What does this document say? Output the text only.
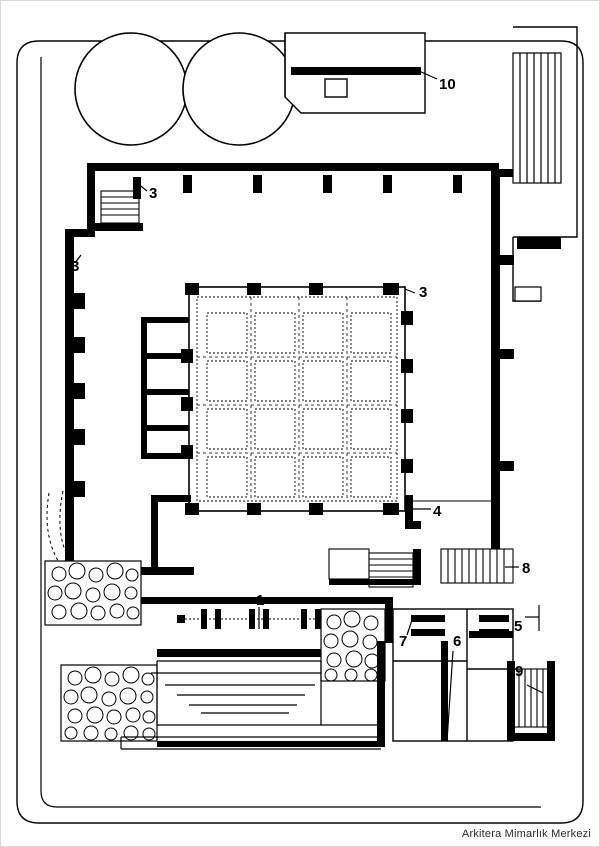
10
3
3
3
4
8
1
7	6
5
9
Arkitera Mimarlık Merkezi
